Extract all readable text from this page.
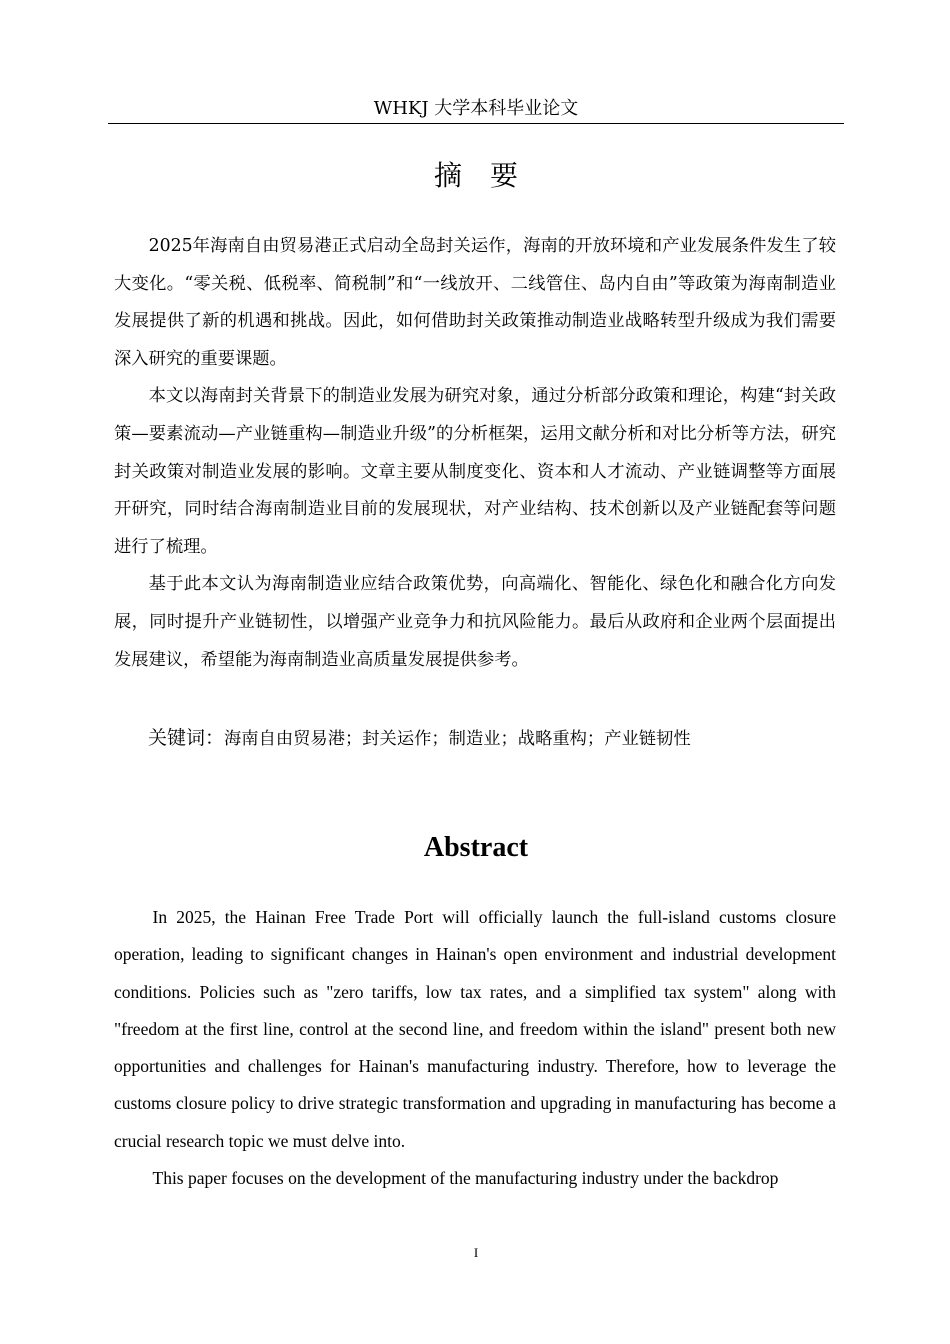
WHKJ 大学本科毕业论文
摘　要

2025年海南自由贸易港正式启动全岛封关运作，海南的开放环境和产业发展条件发生了较大变化。“零关税、低税率、简税制”和“一线放开、二线管住、岛内自由”等政策为海南制造业发展提供了新的机遇和挑战。因此，如何借助封关政策推动制造业战略转型升级成为我们需要深入研究的重要课题。

本文以海南封关背景下的制造业发展为研究对象，通过分析部分政策和理论，构建“封关政策—要素流动—产业链重构—制造业升级”的分析框架，运用文献分析和对比分析等方法，研究封关政策对制造业发展的影响。文章主要从制度变化、资本和人才流动、产业链调整等方面展开研究，同时结合海南制造业目前的发展现状，对产业结构、技术创新以及产业链配套等问题进行了梳理。

基于此本文认为海南制造业应结合政策优势，向高端化、智能化、绿色化和融合化方向发展，同时提升产业链韧性，以增强产业竞争力和抗风险能力。最后从政府和企业两个层面提出发展建议，希望能为海南制造业高质量发展提供参考。

关键词：海南自由贸易港；封关运作；制造业；战略重构；产业链韧性
Abstract

In 2025, the Hainan Free Trade Port will officially launch the full-island customs closure operation, leading to significant changes in Hainan's open environment and industrial development conditions. Policies such as "zero tariffs, low tax rates, and a simplified tax system" along with "freedom at the first line, control at the second line, and freedom within the island" present both new opportunities and challenges for Hainan's manufacturing industry. Therefore, how to leverage the customs closure policy to drive strategic transformation and upgrading in manufacturing has become a crucial research topic we must delve into.

This paper focuses on the development of the manufacturing industry under the backdrop

I
